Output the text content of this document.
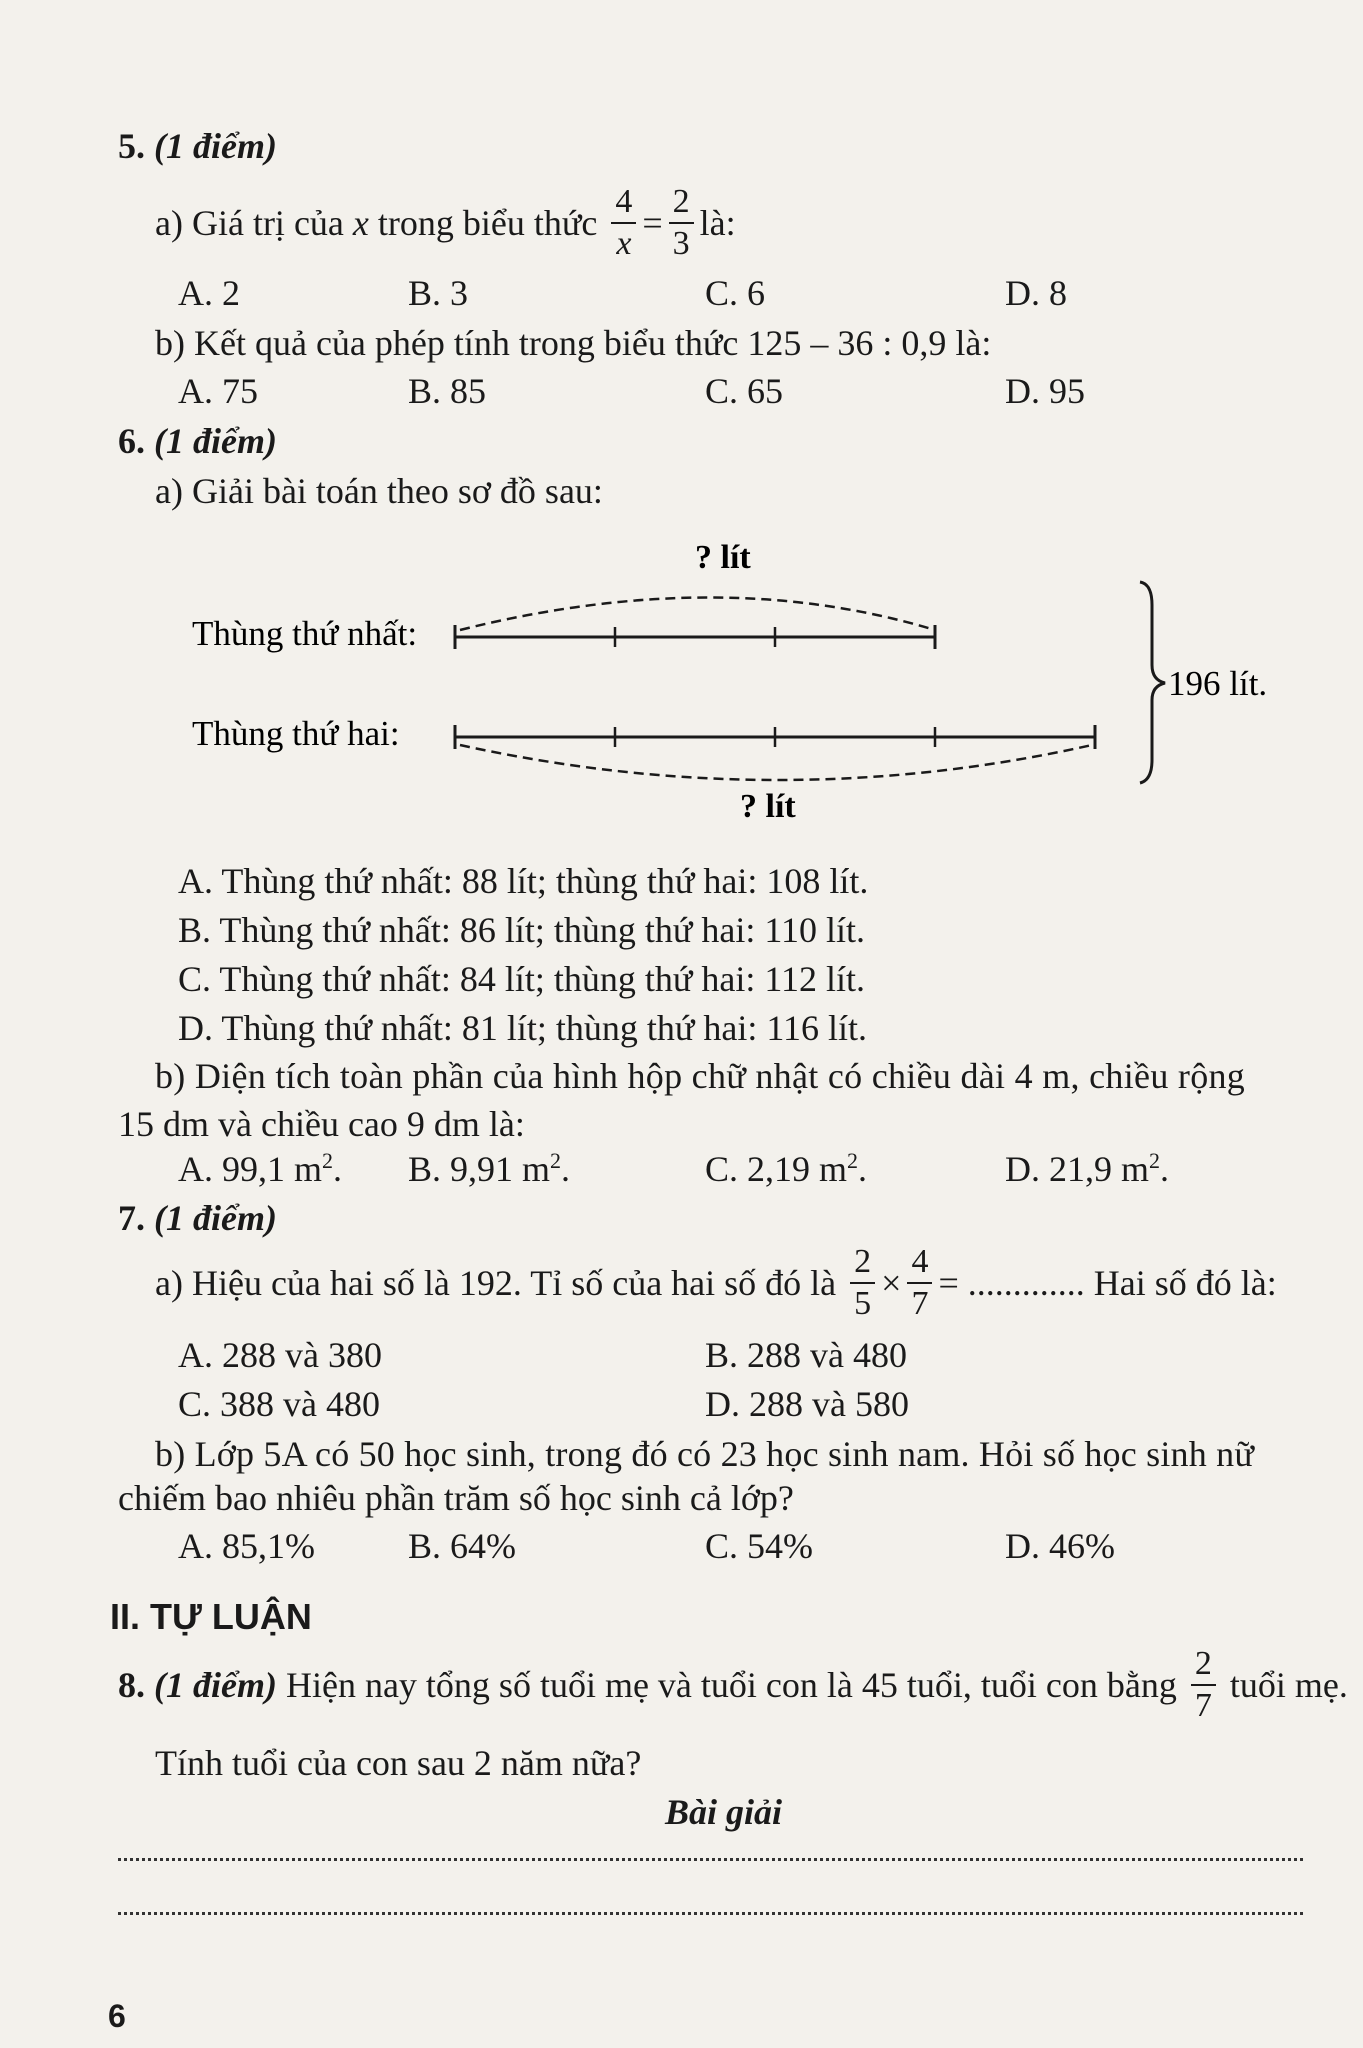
5. (1 điểm)
a) Giá trị của
x
trong biểu thức $\frac{4}{x} = \frac{2}{3}$ là:
A. 2	B. 3	C. 6	D. 8
b) Kết quả của phép tính trong biểu thức 125 – 36 : 0,9 là:
A. 75	B. 85	C. 65	D. 95
6. (1 điểm)
a) Giải bài toán theo sơ đồ sau:
? lít
Thùng thứ nhất:
Thùng thứ hai:
? lít
196 lít.
A. Thùng thứ nhất: 88 lít; thùng thứ hai: 108 lít.
B. Thùng thứ nhất: 86 lít; thùng thứ hai: 110 lít.
C. Thùng thứ nhất: 84 lít; thùng thứ hai: 112 lít.
D. Thùng thứ nhất: 81 lít; thùng thứ hai: 116 lít.
b) Diện tích toàn phần của hình hộp chữ nhật có chiều dài 4 m, chiều rộng
15 dm và chiều cao 9 dm là:
A. 99,1 $m^2$. B. 9,91 $m^2$.	C. 2,19 $m^2$.	D. 21,9 $m^2$.
7. (1 điểm)
a) Hiệu của hai số là 192. Tỉ số của hai số đó là $\frac{2}{5} \times \frac{4}{7}$ = ............ . Hai số đó là:
A. 288 và 380	B. 288 và 480
C. 388 và 480	D. 288 và 580
b) Lớp 5A có 50 học sinh, trong đó có 23 học sinh nam. Hỏi số học sinh nữ
chiếm bao nhiêu phần trăm số học sinh cả lớp?
A. 85,1%	B. 64%	C. 54%	D. 46%
II. TỰ LUẬN
8.
(1 điểm)
Hiện nay tổng số tuổi mẹ và tuổi con là 45 tuổi, tuổi con bằng $\frac{2}{7}$ tuổi mẹ.
Tính tuổi của con sau 2 năm nữa?
Bài giải
6
